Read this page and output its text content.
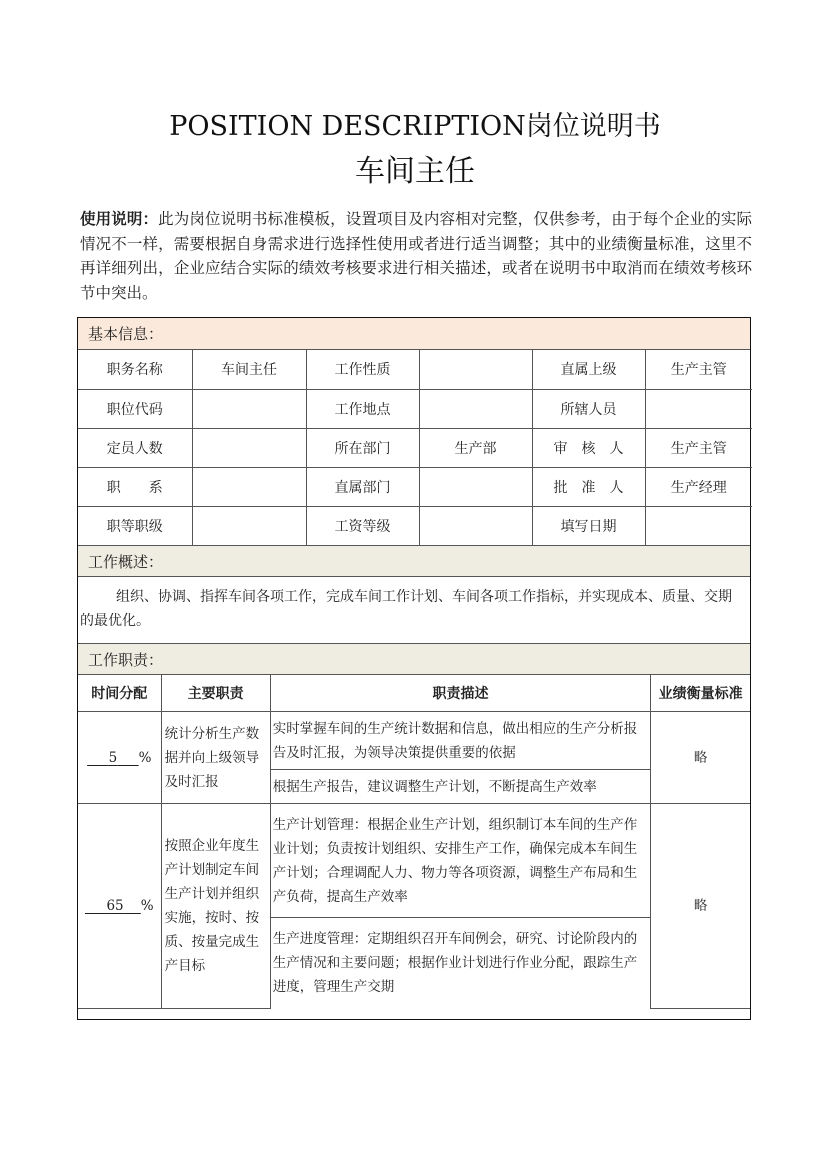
POSITION DESCRIPTION岗位说明书
车间主任
使用说明：此为岗位说明书标准模板，设置项目及内容相对完整，仅供参考，由于每个企业的实际情况不一样，需要根据自身需求进行选择性使用或者进行适当调整；其中的业绩衡量标准，这里不再详细列出，企业应结合实际的绩效考核要求进行相关描述，或者在说明书中取消而在绩效考核环节中突出。
基本信息：
职务名称	车间主任	工作性质		直属上级	生产主管
职位代码		工作地点		所辖人员	
定员人数		所在部门	生产部	审　核　人	生产主管
职　　系		直属部门		批　准　人	生产经理
职等职级		工资等级		填写日期	
工作概述：
组织、协调、指挥车间各项工作，完成车间工作计划、车间各项工作指标，并实现成本、质量、交期的最优化。
工作职责：
时间分配	主要职责	职责描述	业绩衡量标准
5 %	统计分析生产数据并向上级领导及时汇报	实时掌握车间的生产统计数据和信息，做出相应的生产分析报告及时汇报，为领导决策提供重要的依据	略
		根据生产报告，建议调整生产计划，不断提高生产效率	
65 %	按照企业年度生产计划制定车间生产计划并组织实施，按时、按质、按量完成生产目标	生产计划管理：根据企业生产计划，组织制订本车间的生产作业计划；负责按计划组织、安排生产工作，确保完成本车间生产计划；合理调配人力、物力等各项资源，调整生产布局和生产负荷，提高生产效率	略
		生产进度管理：定期组织召开车间例会，研究、讨论阶段内的生产情况和主要问题；根据作业计划进行作业分配，跟踪生产进度，管理生产交期	
